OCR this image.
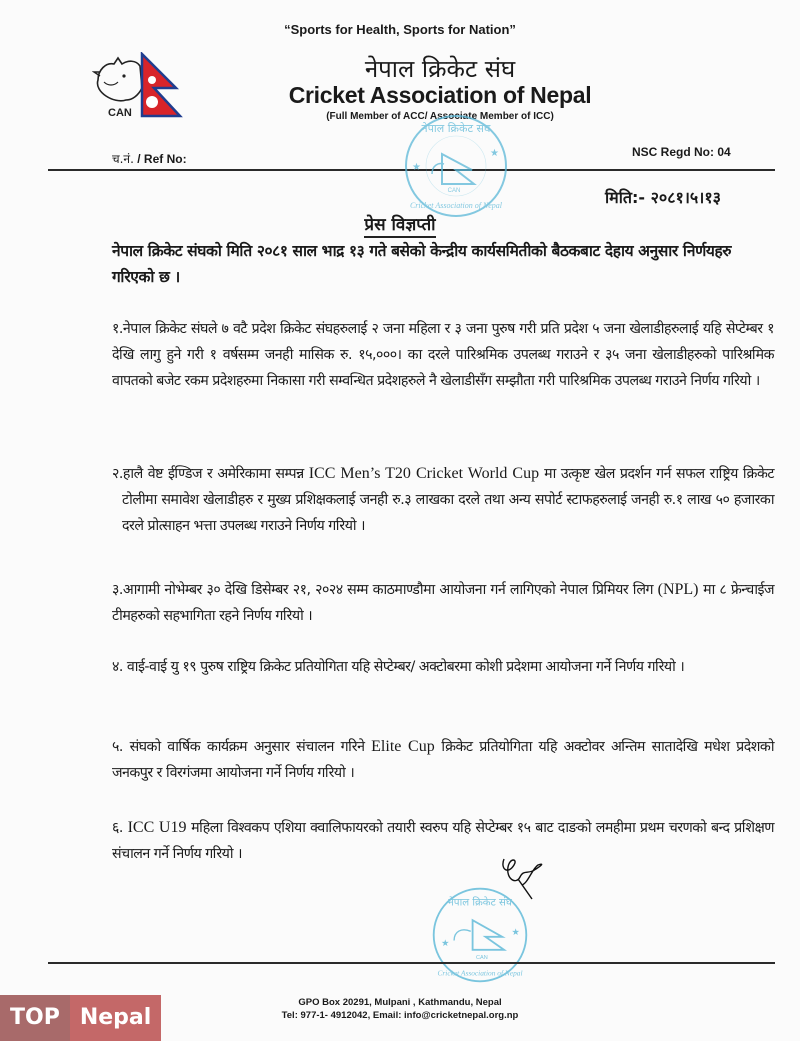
“Sports for Health, Sports for Nation”
CAN
नेपाल क्रिकेट संघ
Cricket Association of Nepal
(Full Member of ACC/ Associate Member of ICC)
च.नं. / Ref No:	NSC Regd No: 04
★
★
नेपाल क्रिकेट संघ
Cricket Association of Nepal
CAN	मिति:- २०८१।५।१३
प्रेस विज्ञप्ती
नेपाल क्रिकेट संघको मिति २०८१ साल भाद्र १३ गते बसेको केन्द्रीय कार्यसमितीको बैठकबाट देहाय अनुसार निर्णयहरु गरिएको छ ।
१.नेपाल क्रिकेट संघले ७ वटै प्रदेश क्रिकेट संघहरुलाई २ जना महिला र ३ जना पुरुष गरी प्रति प्रदेश ५ जना खेलाडीहरुलाई यहि सेप्टेम्बर १ देखि लागु हुने गरी १ वर्षसम्म जनही मासिक रु. १५,०००। का दरले पारिश्रमिक उपलब्ध गराउने र ३५ जना खेलाडीहरुको पारिश्रमिक वापतको बजेट रकम प्रदेशहरुमा निकासा गरी सम्वन्धित प्रदेशहरुले नै खेलाडीसँग सम्झौता गरी पारिश्रमिक उपलब्ध गराउने निर्णय गरियो ।
२.हालै वेष्ट ईण्डिज र अमेरिकामा सम्पन्न ICC Men’s T20 Cricket World Cup मा उत्कृष्ट खेल प्रदर्शन गर्न सफल राष्ट्रिय क्रिकेट टोलीमा समावेश खेलाडीहरु र मुख्य प्रशिक्षकलाई जनही रु.३ लाखका दरले तथा अन्य सपोर्ट स्टाफहरुलाई जनही रु.१ लाख ५० हजारका दरले प्रोत्साहन भत्ता उपलब्ध गराउने निर्णय गरियो ।
३.आगामी नोभेम्बर ३० देखि डिसेम्बर २१, २०२४ सम्म काठमाण्डौमा आयोजना गर्न लागिएको नेपाल प्रिमियर लिग (NPL) मा ८ फ्रेन्चाईज टीमहरुको सहभागिता रहने निर्णय गरियो ।
४. वाई-वाई यु १९ पुरुष राष्ट्रिय क्रिकेट प्रतियोगिता यहि सेप्टेम्बर/ अक्टोबरमा कोशी प्रदेशमा आयोजना गर्ने निर्णय गरियो ।
५. संघको वार्षिक कार्यक्रम अनुसार संचालन गरिने Elite Cup क्रिकेट प्रतियोगिता यहि अक्टोवर अन्तिम सातादेखि मधेश प्रदेशको जनकपुर र विरगंजमा आयोजना गर्ने निर्णय गरियो ।
६. ICC U19 महिला विश्वकप एशिया क्वालिफायरको तयारी स्वरुप यहि सेप्टेम्बर १५ बाट दाङको लमहीमा प्रथम चरणको बन्द प्रशिक्षण संचालन गर्ने निर्णय गरियो ।
★
★
नेपाल क्रिकेट संघ
Cricket Association of Nepal
CAN
GPO Box 20291, Mulpani , Kathmandu, Nepal
Tel: 977-1- 4912042, Email: info@cricketnepal.org.np
TOP Nepal
